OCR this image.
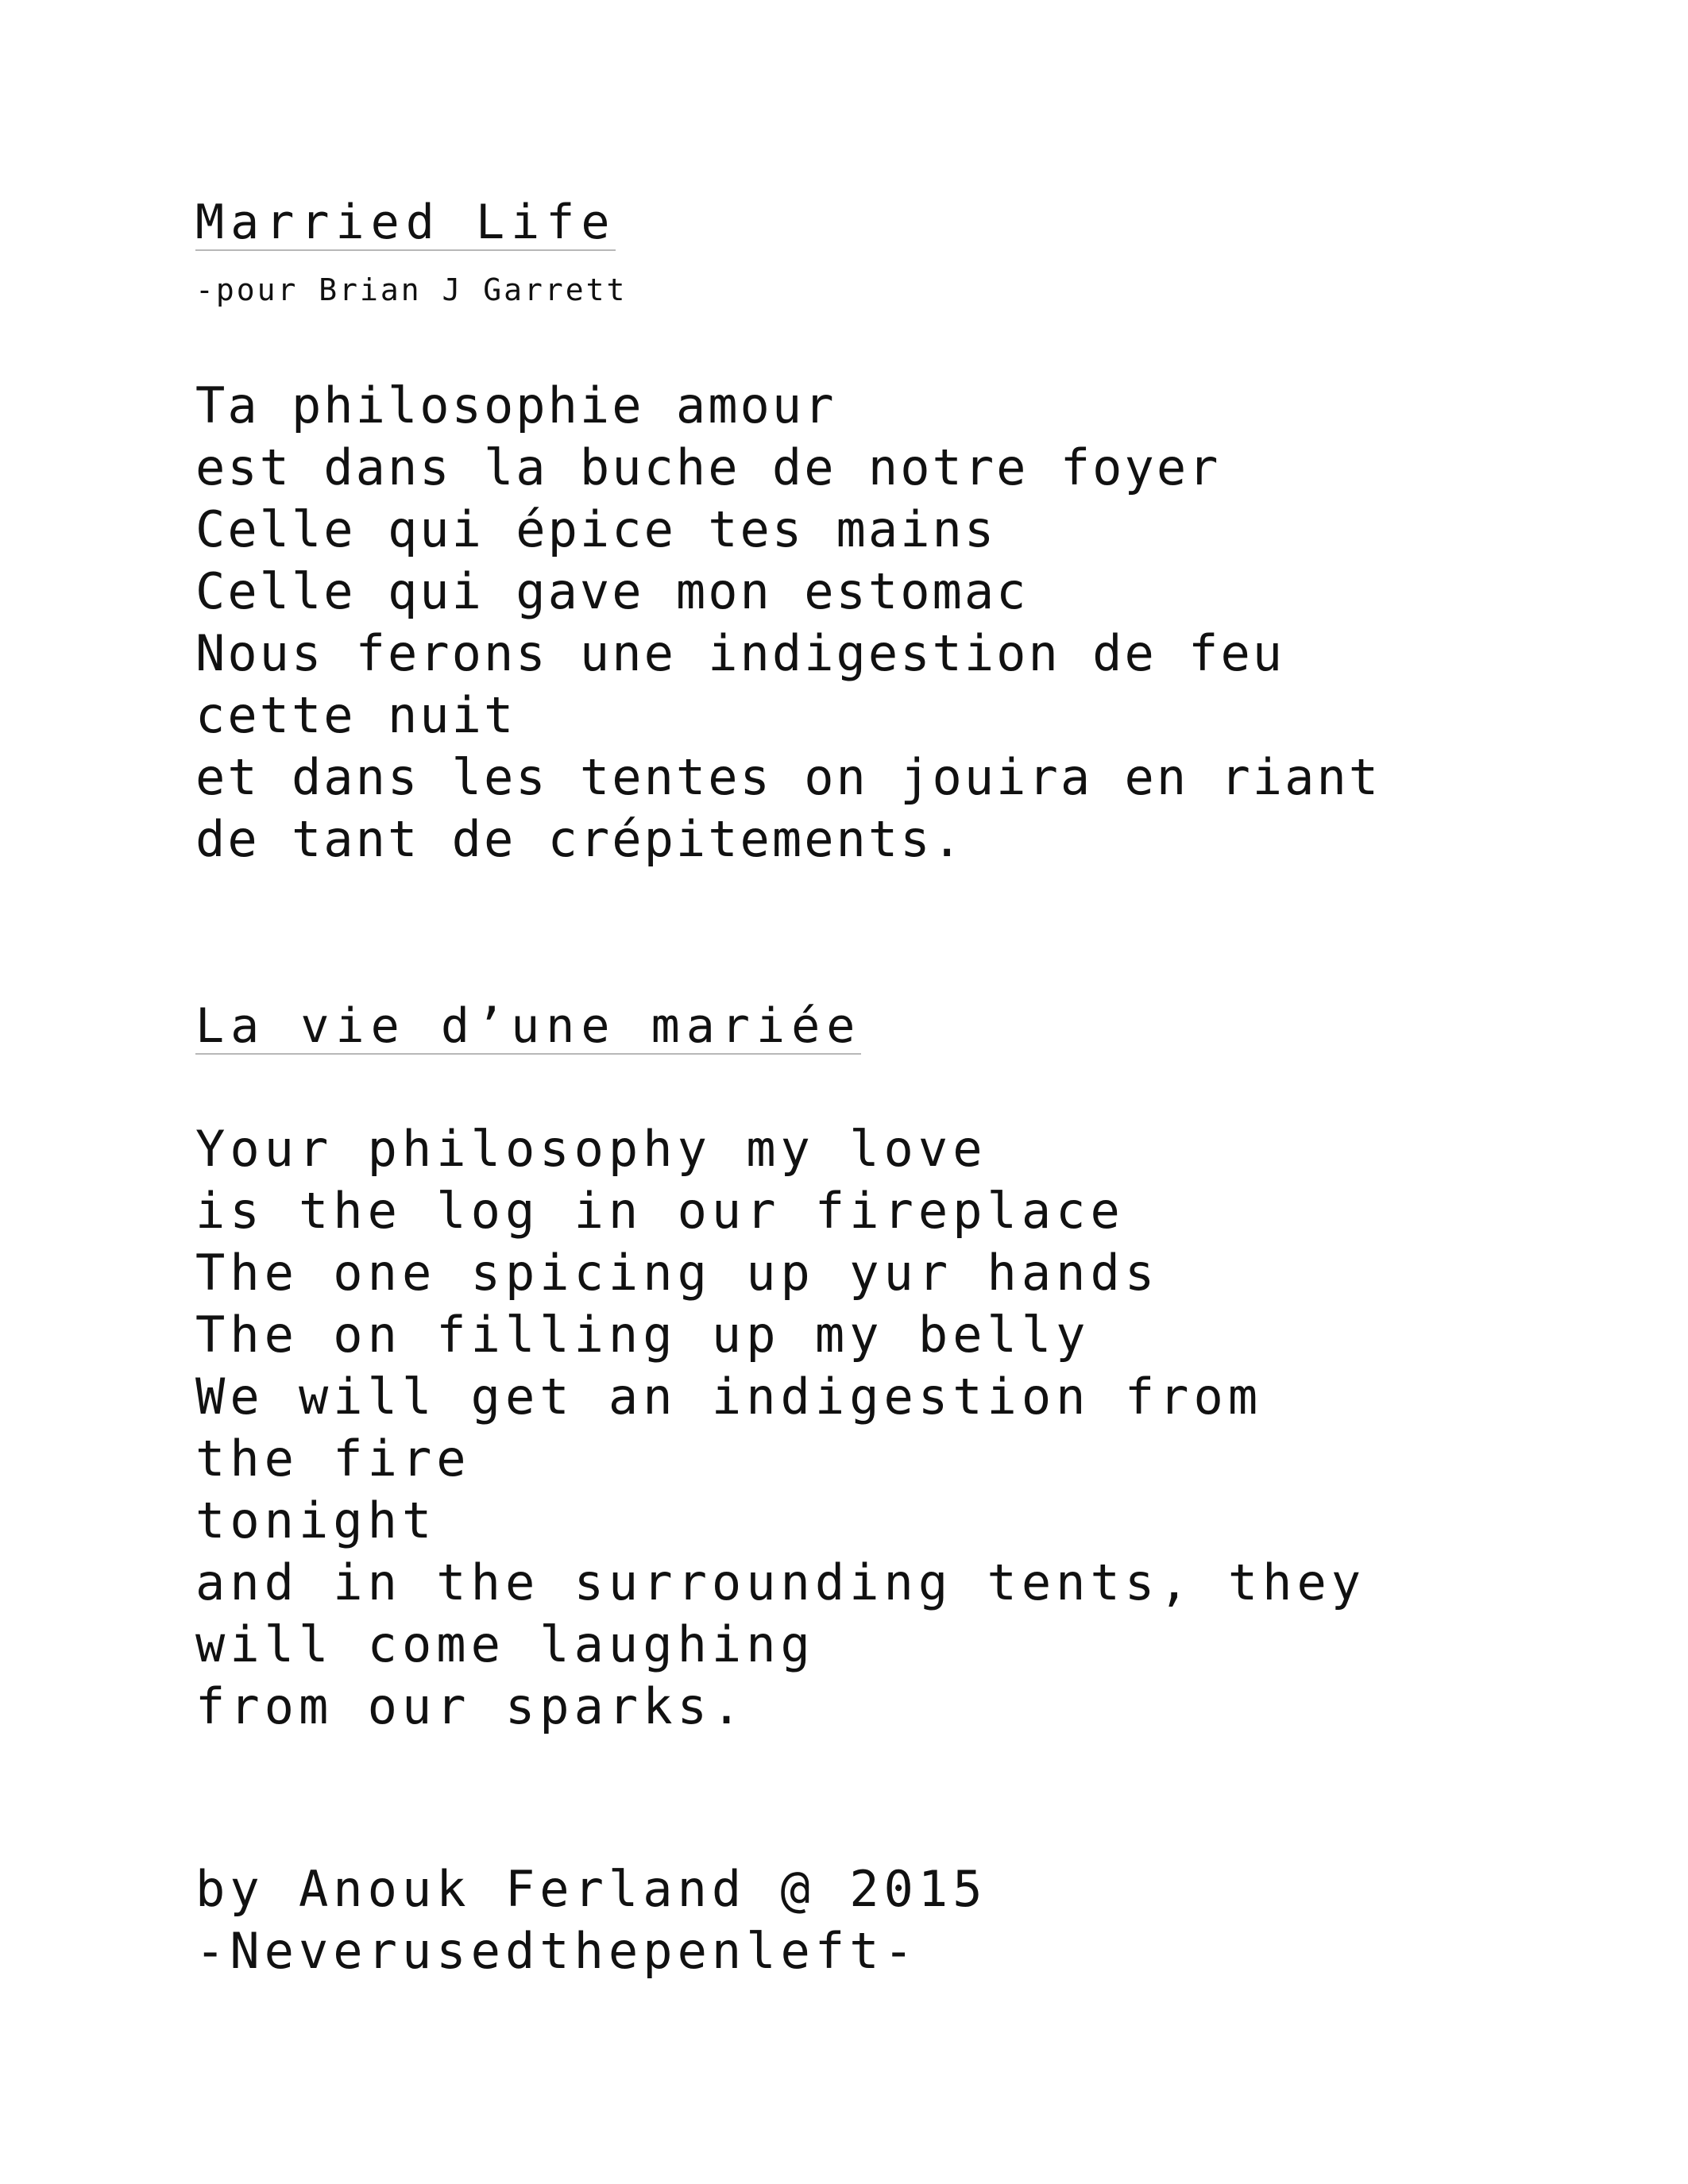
Married Life
-pour Brian J Garrett
Ta philosophie amour
est dans la buche de notre foyer
Celle qui épice tes mains
Celle qui gave mon estomac
Nous ferons une indigestion de feu
cette nuit
et dans les tentes on jouira en riant
de tant de crépitements.
La vie d’une mariée
Your philosophy my love
is the log in our fireplace
The one spicing up yur hands
The on filling up my belly
We will get an indigestion from
the fire
tonight
and in the surrounding tents, they
will come laughing
from our sparks.
by Anouk Ferland @ 2015
-Neverusedthepenleft-
